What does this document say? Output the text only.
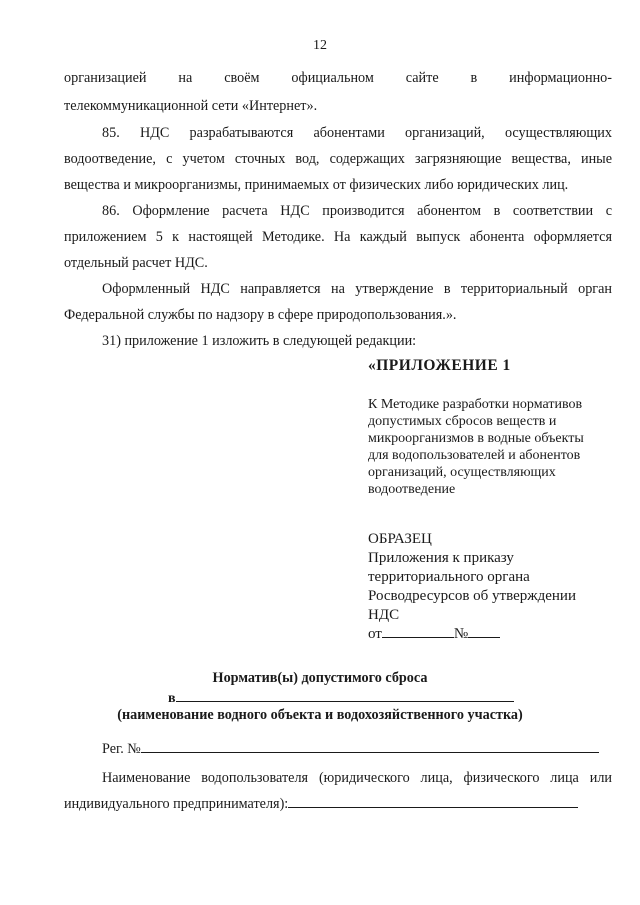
12
организацией на своём официальном сайте в информационно-
телекоммуникационной сети «Интернет».
85. НДС разрабатываются абонентами организаций, осуществляющих
водоотведение, с учетом сточных вод, содержащих загрязняющие вещества, иные
вещества и микроорганизмы, принимаемых от физических либо юридических лиц.
86. Оформление расчета НДС производится абонентом в соответствии с
приложением 5 к настоящей Методике. На каждый выпуск абонента оформляется
отдельный расчет НДС.
Оформленный НДС направляется на утверждение в территориальный орган
Федеральной службы по надзору в сфере природопользования.».
31) приложение 1 изложить в следующей редакции:
«ПРИЛОЖЕНИЕ 1
К Методике разработки нормативов
допустимых сбросов веществ и
микроорганизмов в водные объекты
для водопользователей и абонентов
организаций, осуществляющих
водоотведение
ОБРАЗЕЦ
Приложения к приказу
территориального органа
Росводресурсов об утверждении
НДС
от	№
Норматив(ы) допустимого сброса
в
(наименование водного объекта и водохозяйственного участка)
Рег. №
Наименование водопользователя (юридического лица, физического лица или
индивидуального предпринимателя):
